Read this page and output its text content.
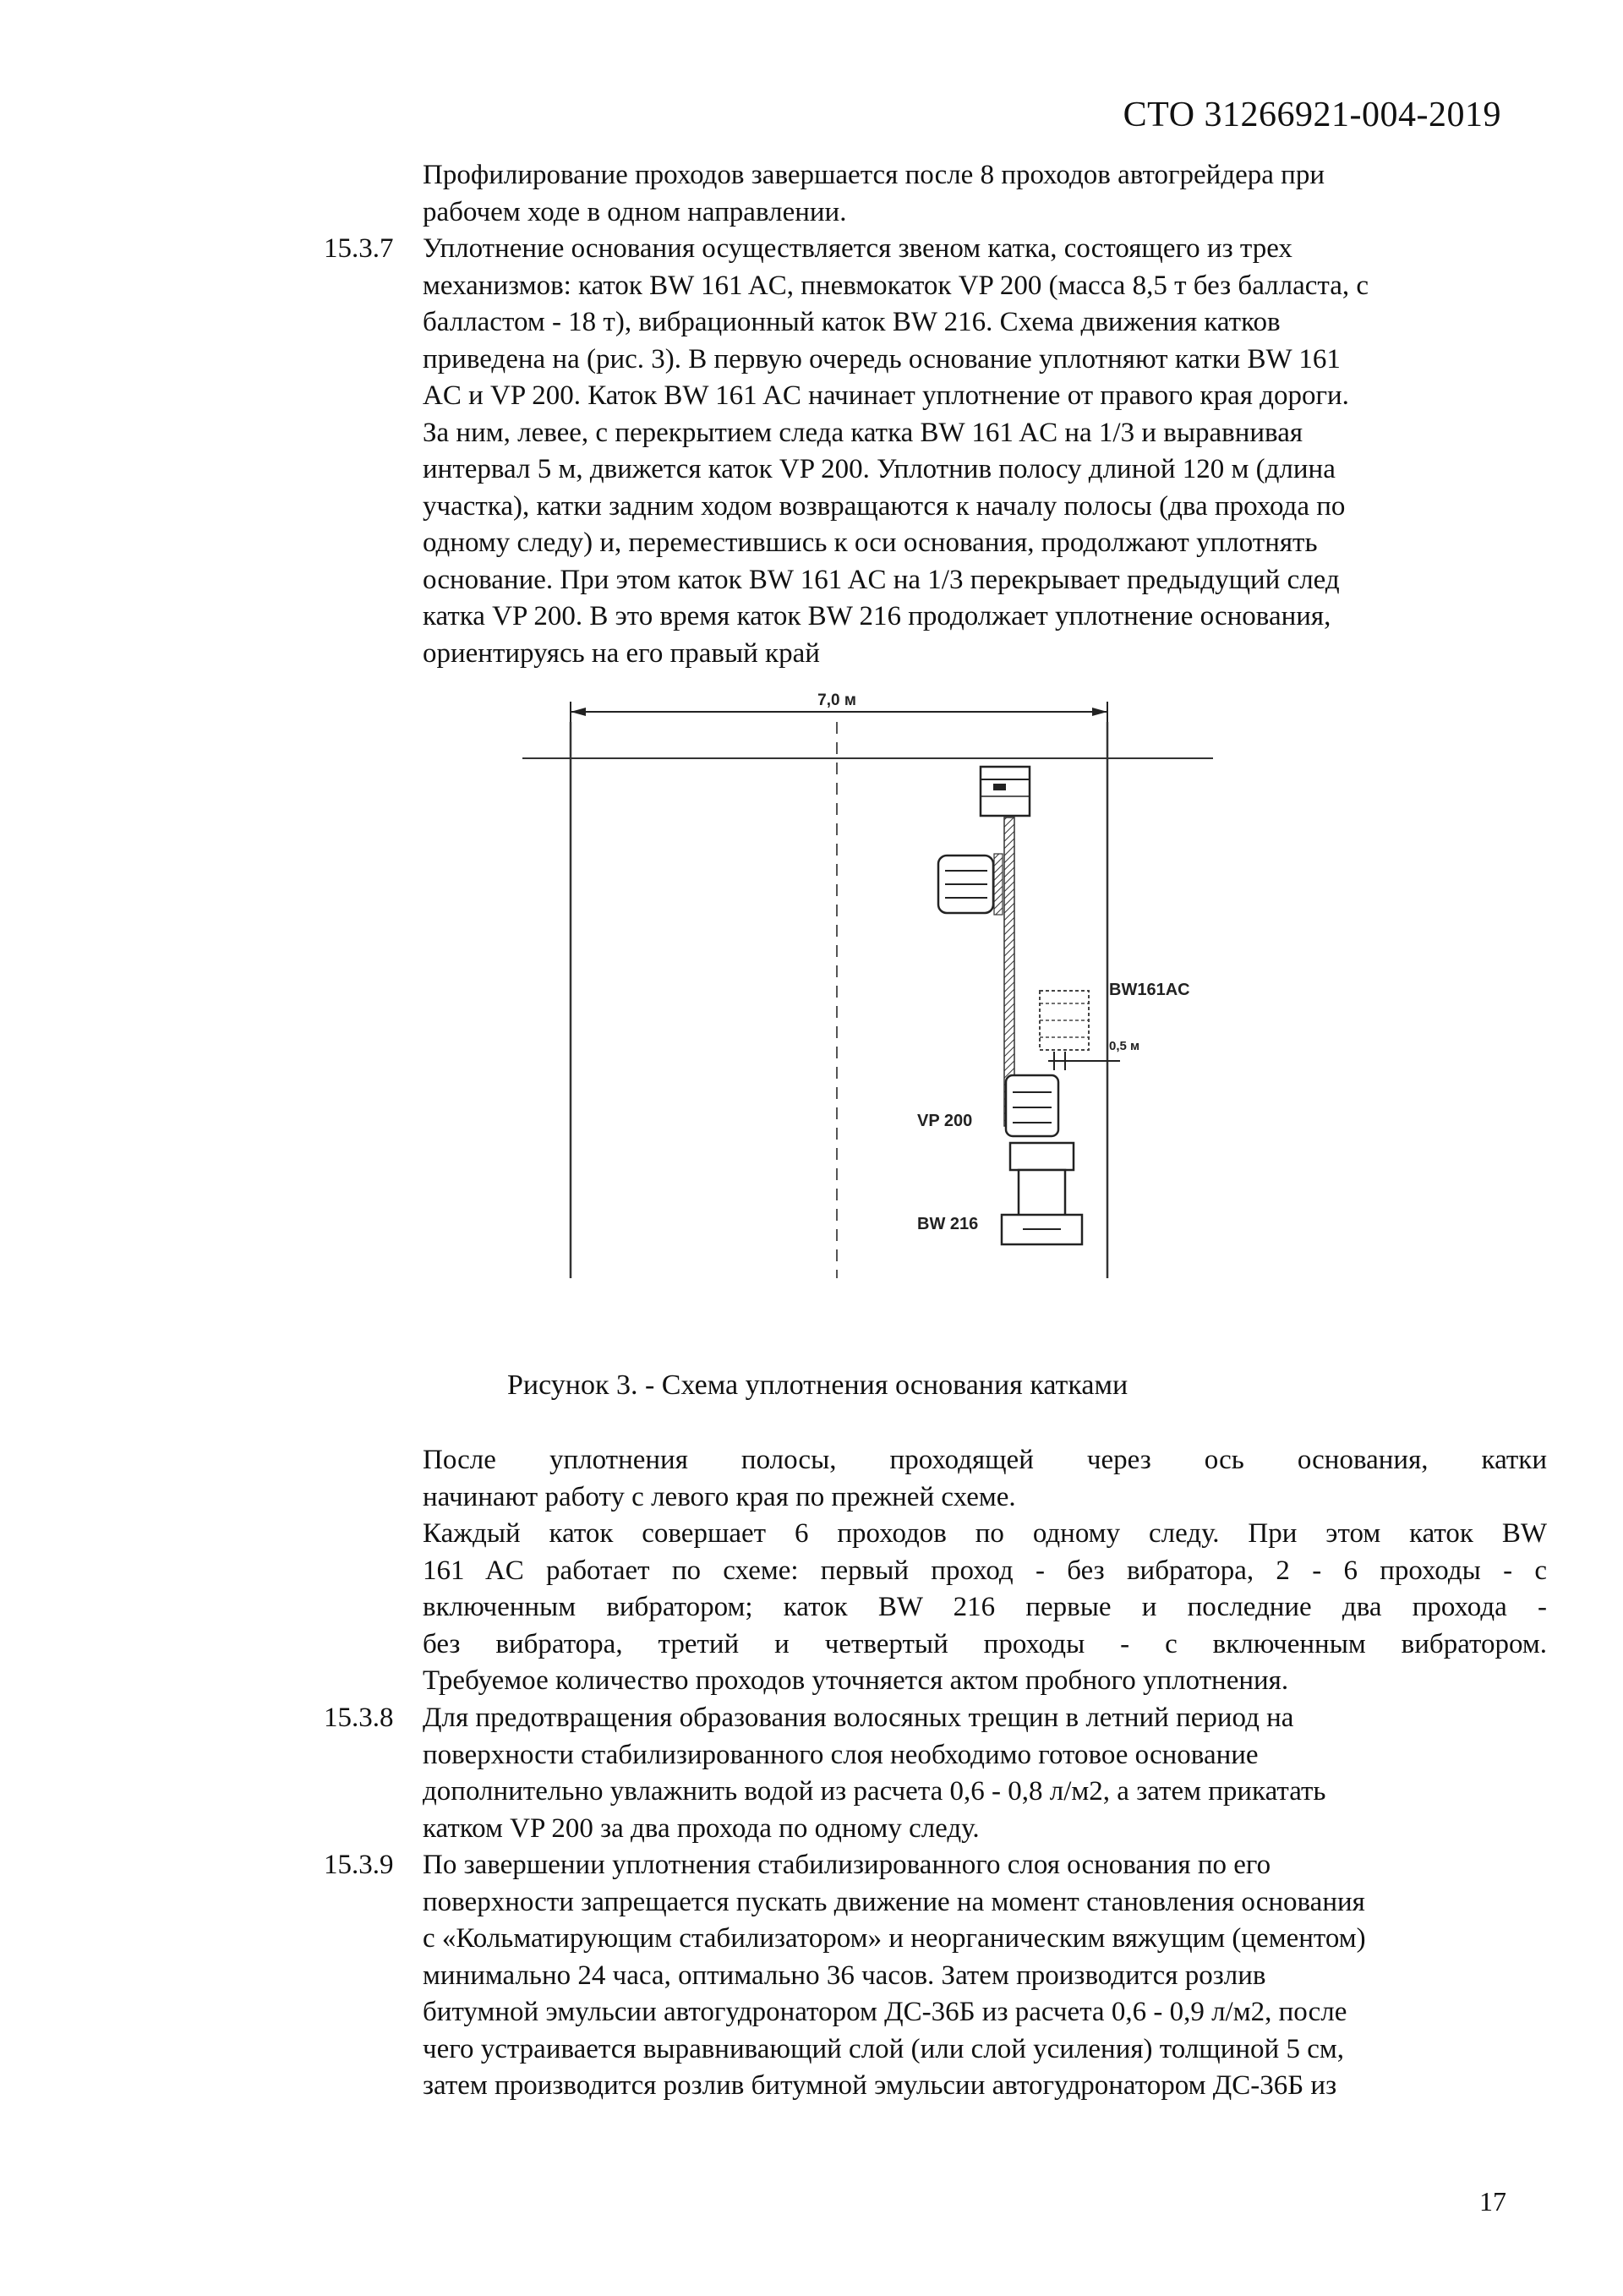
СТО 31266921-004-2019
Профилирование проходов завершается после 8 проходов автогрейдера при
рабочем ходе в одном направлении.
15.3.7 Уплотнение основания осуществляется звеном катка, состоящего из трех
механизмов: каток BW 161 AC, пневмокаток VP 200 (масса 8,5 т без балласта, с
балластом - 18 т), вибрационный каток BW 216. Схема движения катков
приведена на (рис. 3). В первую очередь основание уплотняют катки BW 161
AC и VP 200. Каток BW 161 AC начинает уплотнение от правого края дороги.
За ним, левее, с перекрытием следа катка BW 161 AC на 1/3 и выравнивая
интервал 5 м, движется каток VP 200. Уплотнив полосу длиной 120 м (длина
участка), катки задним ходом возвращаются к началу полосы (два прохода по
одному следу) и, переместившись к оси основания, продолжают уплотнять
основание. При этом каток BW 161 AC на 1/3 перекрывает предыдущий след
катка VP 200. В это время каток BW 216 продолжает уплотнение основания,
ориентируясь на его правый край
7,0 м
BW161AC
0,5 м
VP 200
BW 216
Рисунок 3. - Схема уплотнения основания катками
После уплотнения полосы, проходящей через ось основания, катки
начинают работу с левого края по прежней схеме.
Каждый каток совершает 6 проходов по одному следу. При этом каток BW
161 AC работает по схеме: первый проход - без вибратора, 2 - 6 проходы - с
включенным вибратором; каток BW 216 первые и последние два прохода -
без вибратора, третий и четвертый проходы - с включенным вибратором.
Требуемое количество проходов уточняется актом пробного уплотнения.
15.3.8 Для предотвращения образования волосяных трещин в летний период на
поверхности стабилизированного слоя необходимо готовое основание
дополнительно увлажнить водой из расчета 0,6 - 0,8 л/м2, а затем прикатать
катком VP 200 за два прохода по одному следу.
15.3.9 По завершении уплотнения стабилизированного слоя основания по его
поверхности запрещается пускать движение на момент становления основания
с «Кольматирующим стабилизатором» и неорганическим вяжущим (цементом)
минимально 24 часа, оптимально 36 часов. Затем производится розлив
битумной эмульсии автогудронатором ДС-36Б из расчета 0,6 - 0,9 л/м2, после
чего устраивается выравнивающий слой (или слой усиления) толщиной 5 см,
затем производится розлив битумной эмульсии автогудронатором ДС-36Б из
17
